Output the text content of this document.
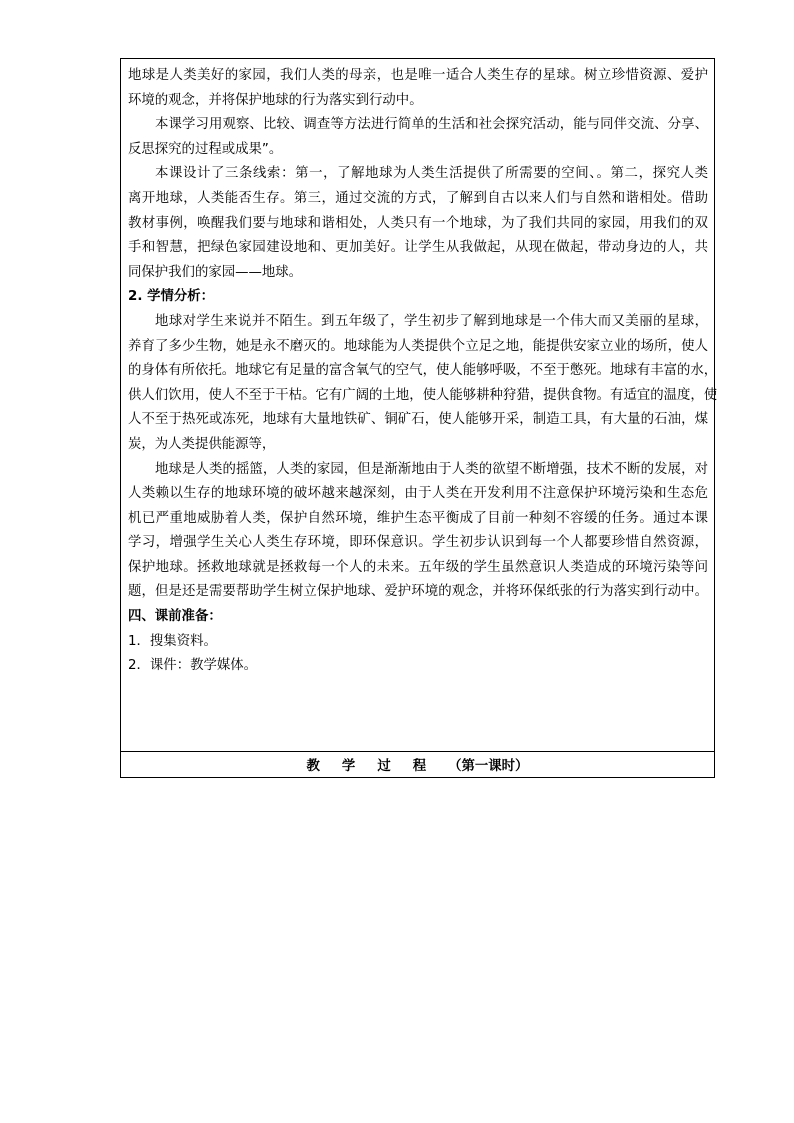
地球是人类美好的家园，我们人类的母亲，也是唯一适合人类生存的星球。树立珍惜资源、爱护
环境的观念，并将保护地球的行为落实到行动中。
本课学习用观察、比较、调查等方法进行简单的生活和社会探究活动，能与同伴交流、分享、
反思探究的过程或成果”。
本课设计了三条线索：第一，了解地球为人类生活提供了所需要的空间、。第二，探究人类
离开地球，人类能否生存。第三，通过交流的方式，了解到自古以来人们与自然和谐相处。借助
教材事例，唤醒我们要与地球和谐相处，人类只有一个地球，为了我们共同的家园，用我们的双
手和智慧，把绿色家园建设地和、更加美好。让学生从我做起，从现在做起，带动身边的人，共
同保护我们的家园——地球。
2. 学情分析：
地球对学生来说并不陌生。到五年级了，学生初步了解到地球是一个伟大而又美丽的星球，
养育了多少生物，她是永不磨灭的。地球能为人类提供个立足之地，能提供安家立业的场所，使人
的身体有所依托。地球它有足量的富含氧气的空气，使人能够呼吸，不至于憋死。地球有丰富的水，
供人们饮用，使人不至于干枯。它有广阔的土地，使人能够耕种狩猎，提供食物。有适宜的温度，使
人不至于热死或冻死，地球有大量地铁矿、铜矿石，使人能够开采，制造工具，有大量的石油，煤
炭，为人类提供能源等，
地球是人类的摇篮，人类的家园，但是渐渐地由于人类的欲望不断增强，技术不断的发展，对
人类赖以生存的地球环境的破坏越来越深刻，由于人类在开发利用不注意保护环境污染和生态危
机已严重地威胁着人类，保护自然环境，维护生态平衡成了目前一种刻不容缓的任务。通过本课
学习，增强学生关心人类生存环境，即环保意识。学生初步认识到每一个人都要珍惜自然资源，
保护地球。拯救地球就是拯救每一个人的未来。五年级的学生虽然意识人类造成的环境污染等问
题，但是还是需要帮助学生树立保护地球、爱护环境的观念，并将环保纸张的行为落实到行动中。
四、课前准备：
1．搜集资料。
2．课件：教学媒体。
教学过程 （第一课时）
